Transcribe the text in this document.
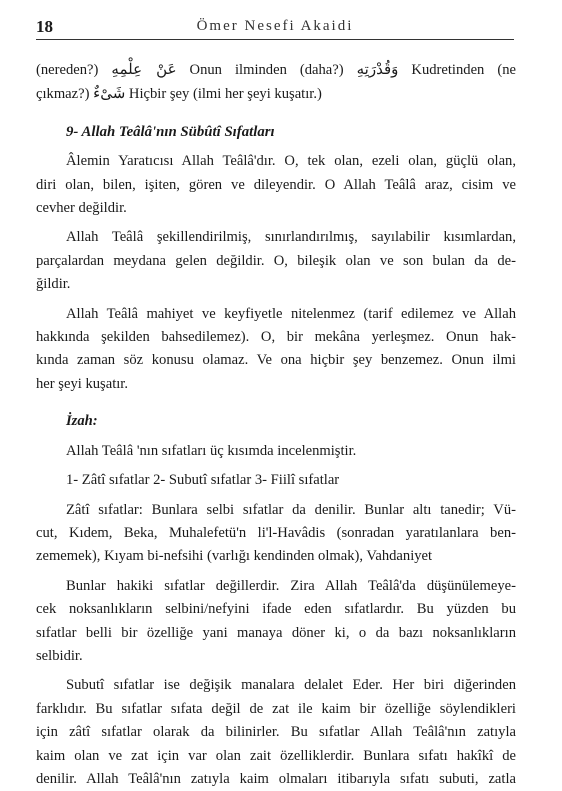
18	Ömer Nesefi Akaidi

(nereden?) عَنْ عِلْمِهِ Onun ilminden (daha?) وَقُدْرَتِهِ Kudretinden (ne
çıkmaz?) شَىْءٌ Hiçbir şey (ilmi her şeyi kuşatır.)

9- Allah Teâlâ'nın Sübûtî Sıfatları

Âlemin Yaratıcısı Allah Teâlâ'dır. O, tek olan, ezeli olan, güçlü olan,
diri olan, bilen, işiten, gören ve dileyendir. O Allah Teâlâ araz, cisim ve
cevher değildir.

Allah Teâlâ şekillendirilmiş, sınırlandırılmış, sayılabilir kısımlardan,
parçalardan meydana gelen değildir. O, bileşik olan ve son bulan da de-
ğildir.

Allah Teâlâ mahiyet ve keyfiyetle nitelenmez (tarif edilemez ve Allah
hakkında şekilden bahsedilemez). O, bir mekâna yerleşmez. Onun hak-
kında zaman söz konusu olamaz. Ve ona hiçbir şey benzemez. Onun ilmi
her şeyi kuşatır.

İzah:

Allah Teâlâ 'nın sıfatları üç kısımda incelenmiştir.

1- Zâtî sıfatlar 2- Subutî sıfatlar 3- Fiilî sıfatlar

Zâtî sıfatlar: Bunlara selbi sıfatlar da denilir. Bunlar altı tanedir; Vü-
cut, Kıdem, Beka, Muhalefetü'n li'l-Havâdis (sonradan yaratılanlara ben-
zememek), Kıyam bi-nefsihi (varlığı kendinden olmak), Vahdaniyet

Bunlar hakiki sıfatlar değillerdir. Zira Allah Teâlâ'da düşünülemeye-
cek noksanlıkların selbini/nefyini ifade eden sıfatlardır. Bu yüzden bu
sıfatlar belli bir özelliğe yani manaya döner ki, o da bazı noksanlıkların
selbidir.

Subutî sıfatlar ise değişik manalara delalet Eder. Her biri diğerinden
farklıdır. Bu sıfatlar sıfata değil de zat ile kaim bir özelliğe söylendikleri
için zâtî sıfatlar olarak da bilinirler. Bu sıfatlar Allah Teâlâ'nın zatıyla
kaim olan ve zat için var olan zait özelliklerdir. Bunlara sıfatı hakîkî de
denilir. Allah Teâlâ'nın zatıyla kaim olmaları itibarıyla sıfatı subuti, zatla
